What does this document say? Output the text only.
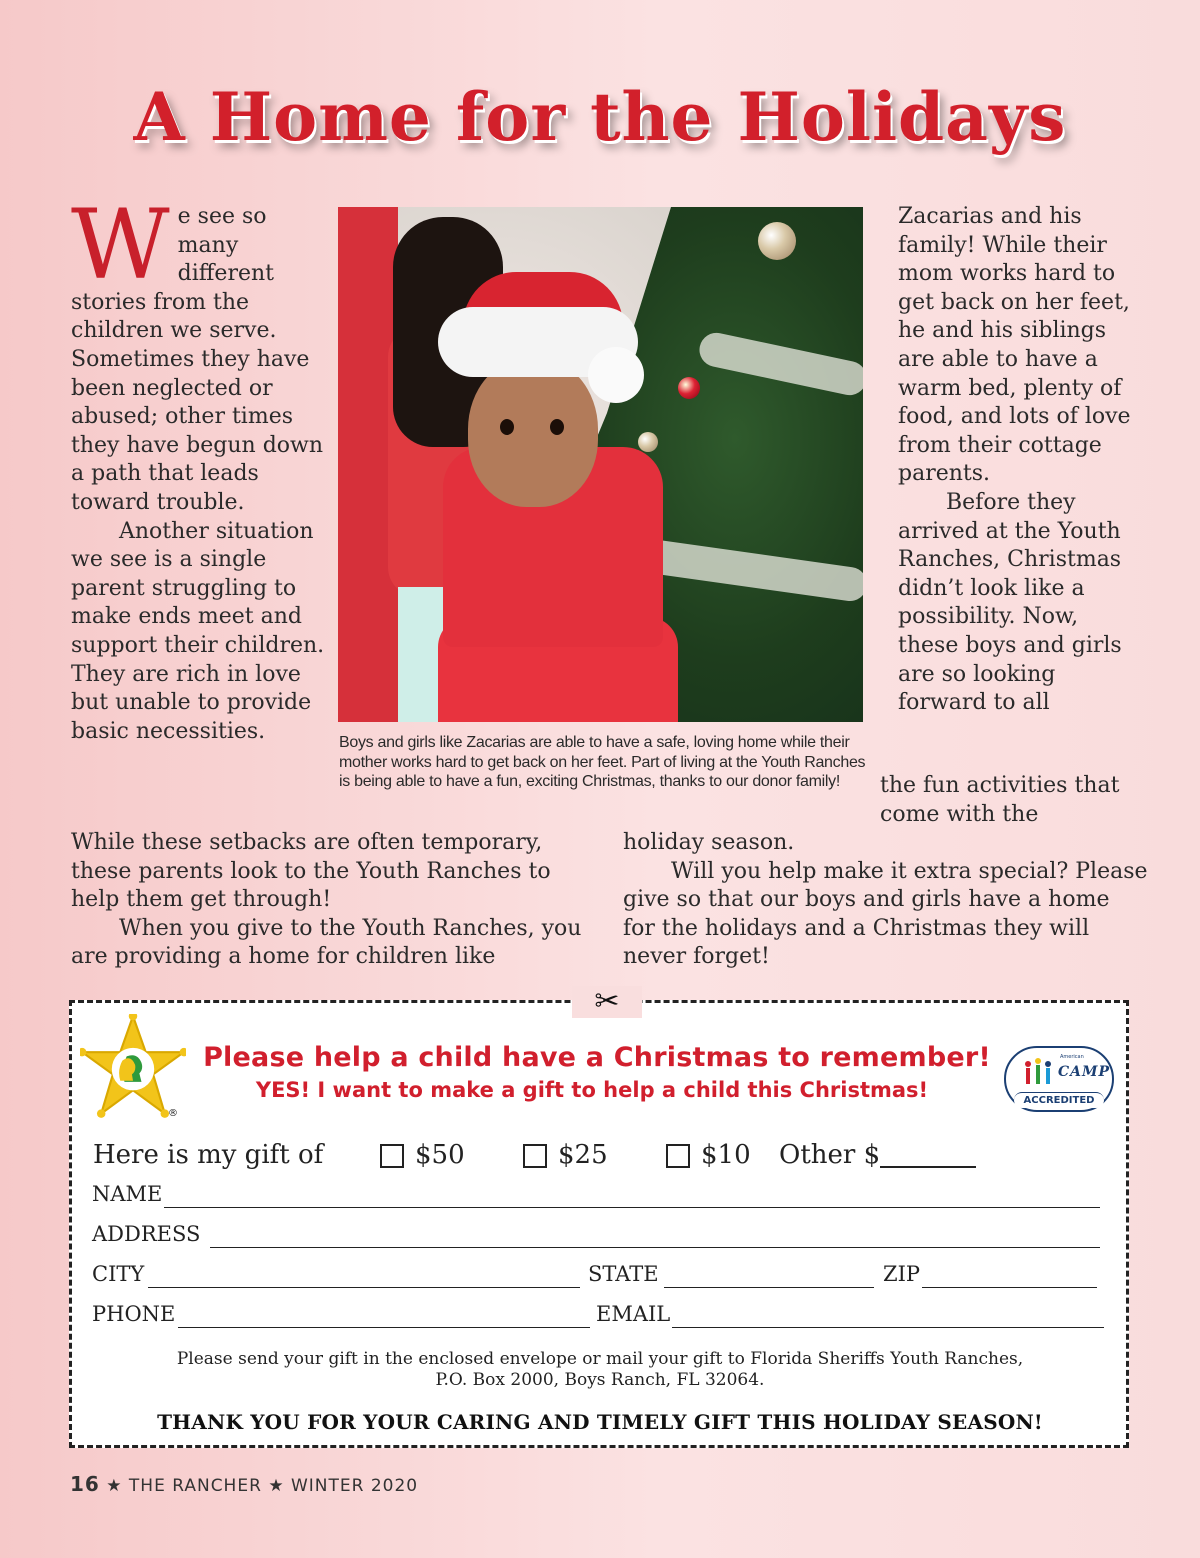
A Home for the Holidays
W e see so many different stories from the children we serve. Sometimes they have been neglected or abused; other times they have begun down a path that leads toward trouble.

Another situation we see is a single parent struggling to make ends meet and support their children. They are rich in love but unable to provide basic necessities.	Boys and girls like Zacarias are able to have a safe, loving home while their mother works hard to get back on her feet. Part of living at the Youth Ranches is being able to have a fun, exciting Christmas, thanks to our donor family!

Zacarias and his family! While their mom works hard to get back on her feet, he and his siblings are able to have a warm bed, plenty of food, and lots of love from their cottage parents.

Before they arrived at the Youth Ranches, Christmas didn’t look like a possibility. Now, these boys and girls are so looking forward to all

the fun activities that come with the

While these setbacks are often temporary, these parents look to the Youth Ranches to help them get through!

When you give to the Youth Ranches, you are providing a home for children like

holiday season.

Will you help make it extra special? Please give so that our boys and girls have a home for the holidays and a Christmas they will never forget!

✂
®
Please help a child have a Christmas to remember!
YES! I want to make a gift to help a child this Christmas!
American
CAMP
ACCREDITED
Here is my gift of	$50	$25	$10 Other $
NAME
ADDRESS
CITY	STATE	ZIP
PHONE	EMAIL
Please send your gift in the enclosed envelope or mail your gift to Florida Sheriffs Youth Ranches,
P.O. Box 2000, Boys Ranch, FL 32064.
THANK YOU FOR YOUR CARING AND TIMELY GIFT THIS HOLIDAY SEASON!
16 ★ THE RANCHER ★ WINTER 2020
